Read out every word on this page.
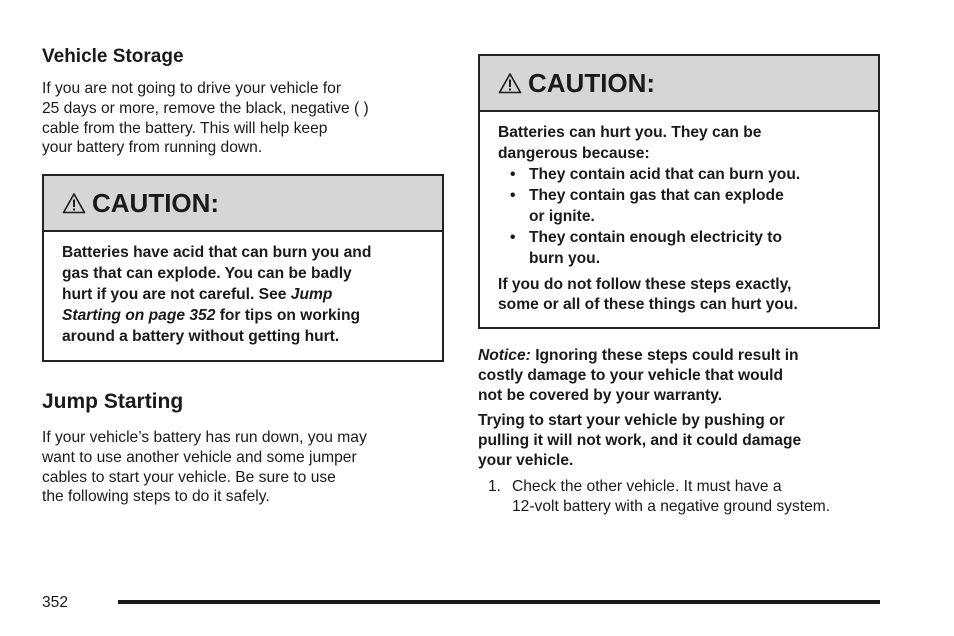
Vehicle Storage
If you are not going to drive your vehicle for
25 days or more, remove the black, negative ( )
cable from the battery. This will help keep
your battery from running down.
CAUTION:

Batteries have acid that can burn you and
gas that can explode. You can be badly
hurt if you are not careful. See Jump
Starting on page 352 for tips on working
around a battery without getting hurt.

Jump Starting
If your vehicle’s battery has run down, you may
want to use another vehicle and some jumper
cables to start your vehicle. Be sure to use
the following steps to do it safely.
CAUTION:

Batteries can hurt you. They can be
dangerous because:

• They contain acid that can burn you.
• They contain gas that can explode
or ignite.
• They contain enough electricity to
burn you.

If you do not follow these steps exactly,
some or all of these things can hurt you.

Notice: Ignoring these steps could result in
costly damage to your vehicle that would
not be covered by your warranty.
Trying to start your vehicle by pushing or
pulling it will not work, and it could damage
your vehicle.
1. Check the other vehicle. It must have a
12-volt battery with a negative ground system.
352
